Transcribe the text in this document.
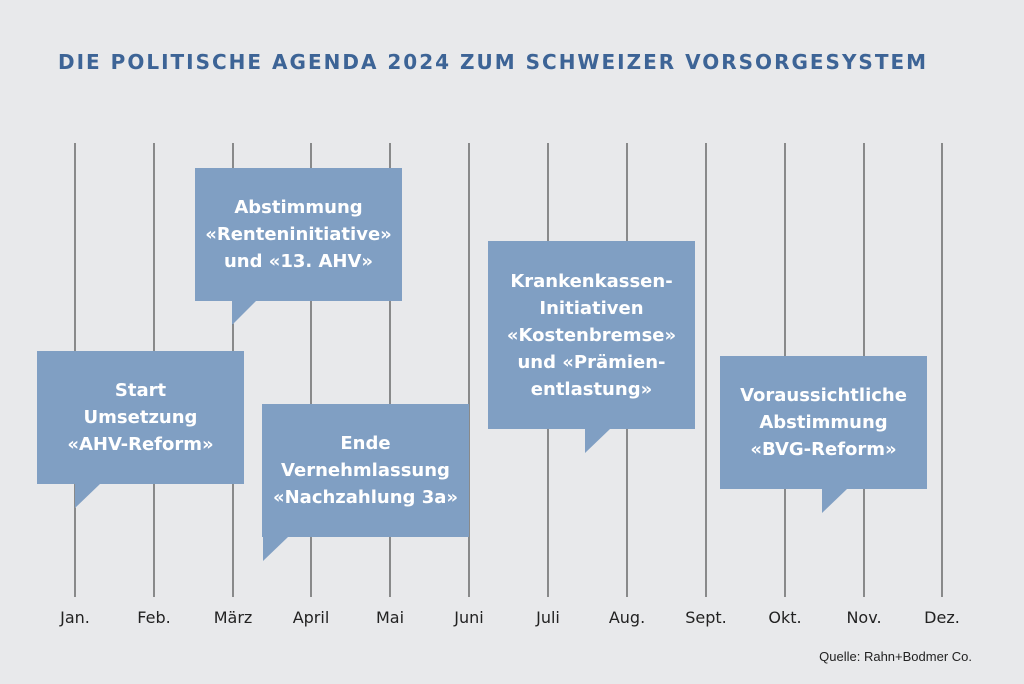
DIE POLITISCHE AGENDA 2024 ZUM SCHWEIZER VORSORGESYSTEM
Jan.	Feb.	März	April	Mai	Juni	Juli	Aug.	Sept.	Okt.	Nov.	Dez.
Abstimmung
«Renteninitiative»
und «13. AHV»
Start
Umsetzung
«AHV-Reform»	Ende
Vernehmlassung
«Nachzahlung 3a»
Krankenkassen-
Initiativen
«Kostenbremse»
und «Prämien-
entlastung»	Voraussichtliche
Abstimmung
«BVG-Reform»
Quelle: Rahn+Bodmer Co.
